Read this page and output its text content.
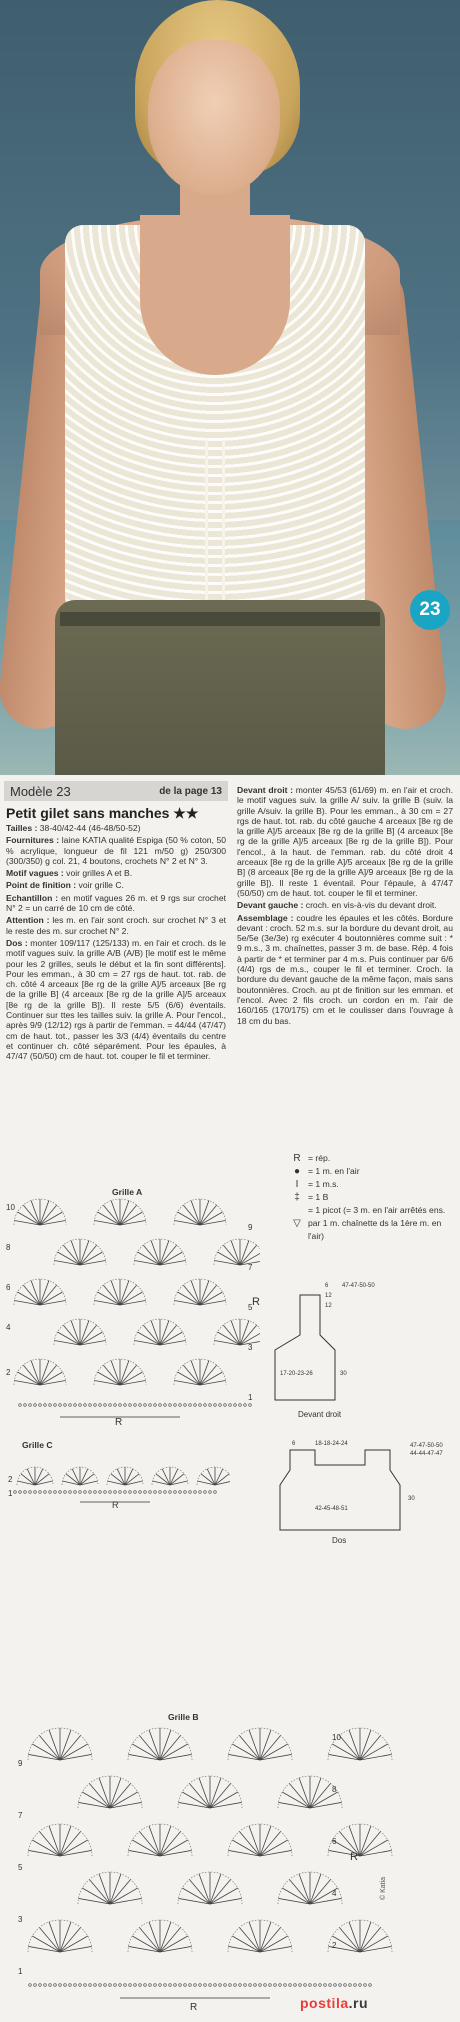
23
Modèle 23	de la page 13
Petit gilet sans manches ★★

Tailles : 38-40/42-44 (46-48/50-52)

Fournitures : laine KATIA qualité Espiga (50 % coton, 50 % acrylique, longueur de fil 121 m/50 g) 250/300 (300/350) g col. 21, 4 boutons, crochets N° 2 et N° 3.

Motif vagues : voir grilles A et B.

Point de finition : voir grille C.

Echantillon : en motif vagues 26 m. et 9 rgs sur crochet N° 2 = un carré de 10 cm de côté.

Attention : les m. en l'air sont croch. sur crochet N° 3 et le reste des m. sur crochet N° 2.

Dos : monter 109/117 (125/133) m. en l'air et croch. ds le motif vagues suiv. la grille A/B (A/B) [le motif est le même pour les 2 grilles, seuls le début et la fin sont différents]. Pour les emman., à 30 cm = 27 rgs de haut. tot. rab. de ch. côté 4 arceaux [8e rg de la grille A]/5 arceaux [8e rg de la grille B] (4 arceaux [8e rg de la grille A]/5 arceaux [8e rg de la grille B]). Il reste 5/5 (6/6) éventails. Continuer sur ttes les tailles suiv. la grille A. Pour l'encol., après 9/9 (12/12) rgs à partir de l'emman. = 44/44 (47/47) cm de haut. tot., passer les 3/3 (4/4) éventails du centre et continuer ch. côté séparément. Pour les épaules, à 47/47 (50/50) cm de haut. tot. couper le fil et terminer.

Devant droit : monter 45/53 (61/69) m. en l'air et croch. le motif vagues suiv. la grille A/ suiv. la grille B (suiv. la grille A/suiv. la grille B). Pour les emman., à 30 cm = 27 rgs de haut. tot. rab. du côté gauche 4 arceaux [8e rg de la grille A]/5 arceaux [8e rg de la grille B] (4 arceaux [8e rg de la grille A]/5 arceaux [8e rg de la grille B]). Pour l'encol., à la haut. de l'emman. rab. du côté droit 4 arceaux [8e rg de la grille A]/5 arceaux [8e rg de la grille B] (8 arceaux [8e rg de la grille A]/9 arceaux [8e rg de la grille B]). Il reste 1 éventail. Pour l'épaule, à 47/47 (50/50) cm de haut. tot. couper le fil et terminer.

Devant gauche : croch. en vis-à-vis du devant droit.

Assemblage : coudre les épaules et les côtés. Bordure devant : croch. 52 m.s. sur la bordure du devant droit, au 5e/5e (3e/3e) rg exécuter 4 boutonnières comme suit : * 9 m.s., 3 m. chaînettes, passer 3 m. de base. Rép. 4 fois à partir de * et terminer par 4 m.s. Puis continuer par 6/6 (4/4) rgs de m.s., couper le fil et terminer. Croch. la bordure du devant gauche de la même façon, mais sans boutonnières. Croch. au pt de finition sur les emman. et l'encol. Avec 2 fils croch. un cordon en m. l'air de 160/165 (170/175) cm et le coulisser dans l'ouvrage à 18 cm du bas.

R = rép.
● = 1 m. en l'air
I	= 1 m.s.
‡ = 1 B
▽
= 1 picot (= 3 m. en l'air arrêtés ens. par 1 m. chaînette ds la 1ère m. en l'air)
10
9
8
7
6
5
4
3
2
1
R
R
Grille A
Grille C
2
1
R
6
12
12
47-47-50-50
17-20-23-26	30
Devant droit
6	18-18-24-24	47-47-50-50
44-44-47-47
42-45-48-51
30
Dos
Grille B
10
9
8
7
6
5
4
3
2
1
R
R
© Katia
postila.ru
